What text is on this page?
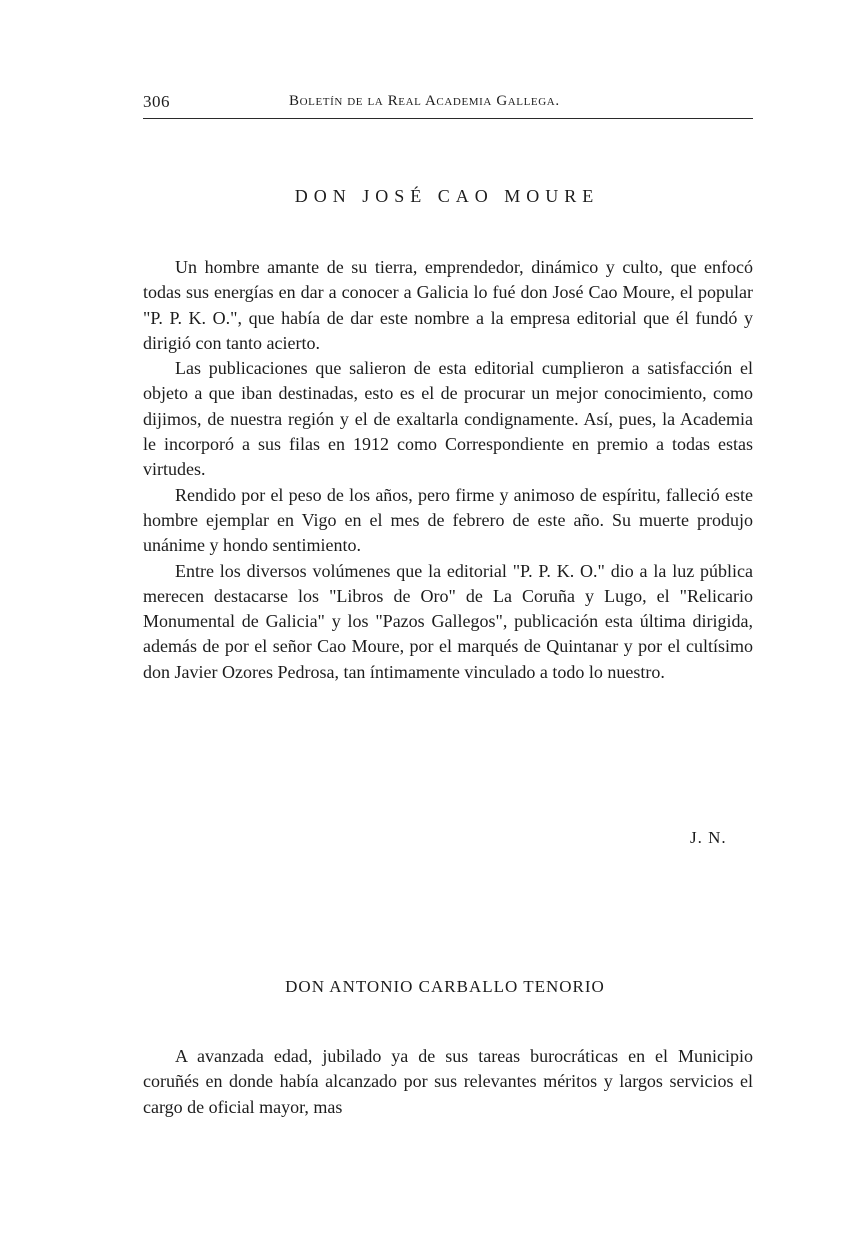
306	Boletín de la Real Academia Gallega.
DON JOSÉ CAO MOURE

Un hombre amante de su tierra, emprendedor, dinámico y culto, que enfocó todas sus energías en dar a conocer a Galicia lo fué don José Cao Moure, el popular "P. P. K. O.", que había de dar este nombre a la empresa editorial que él fundó y dirigió con tanto acierto.

Las publicaciones que salieron de esta editorial cumplieron a satisfacción el objeto a que iban destinadas, esto es el de procurar un mejor conocimiento, como dijimos, de nuestra región y el de exaltarla condignamente. Así, pues, la Academia le incorporó a sus filas en 1912 como Correspondiente en premio a todas estas virtudes.

Rendido por el peso de los años, pero firme y animoso de espíritu, falleció este hombre ejemplar en Vigo en el mes de febrero de este año. Su muerte produjo unánime y hondo sentimiento.

Entre los diversos volúmenes que la editorial "P. P. K. O." dio a la luz pública merecen destacarse los "Libros de Oro" de La Coruña y Lugo, el "Relicario Monumental de Galicia" y los "Pazos Gallegos", publicación esta última dirigida, además de por el señor Cao Moure, por el marqués de Quintanar y por el cultísimo don Javier Ozores Pedrosa, tan íntimamente vinculado a todo lo nuestro.

J. N.
DON ANTONIO CARBALLO TENORIO

A avanzada edad, jubilado ya de sus tareas burocráticas en el Municipio coruñés en donde había alcanzado por sus relevantes méritos y largos servicios el cargo de oficial mayor, mas
